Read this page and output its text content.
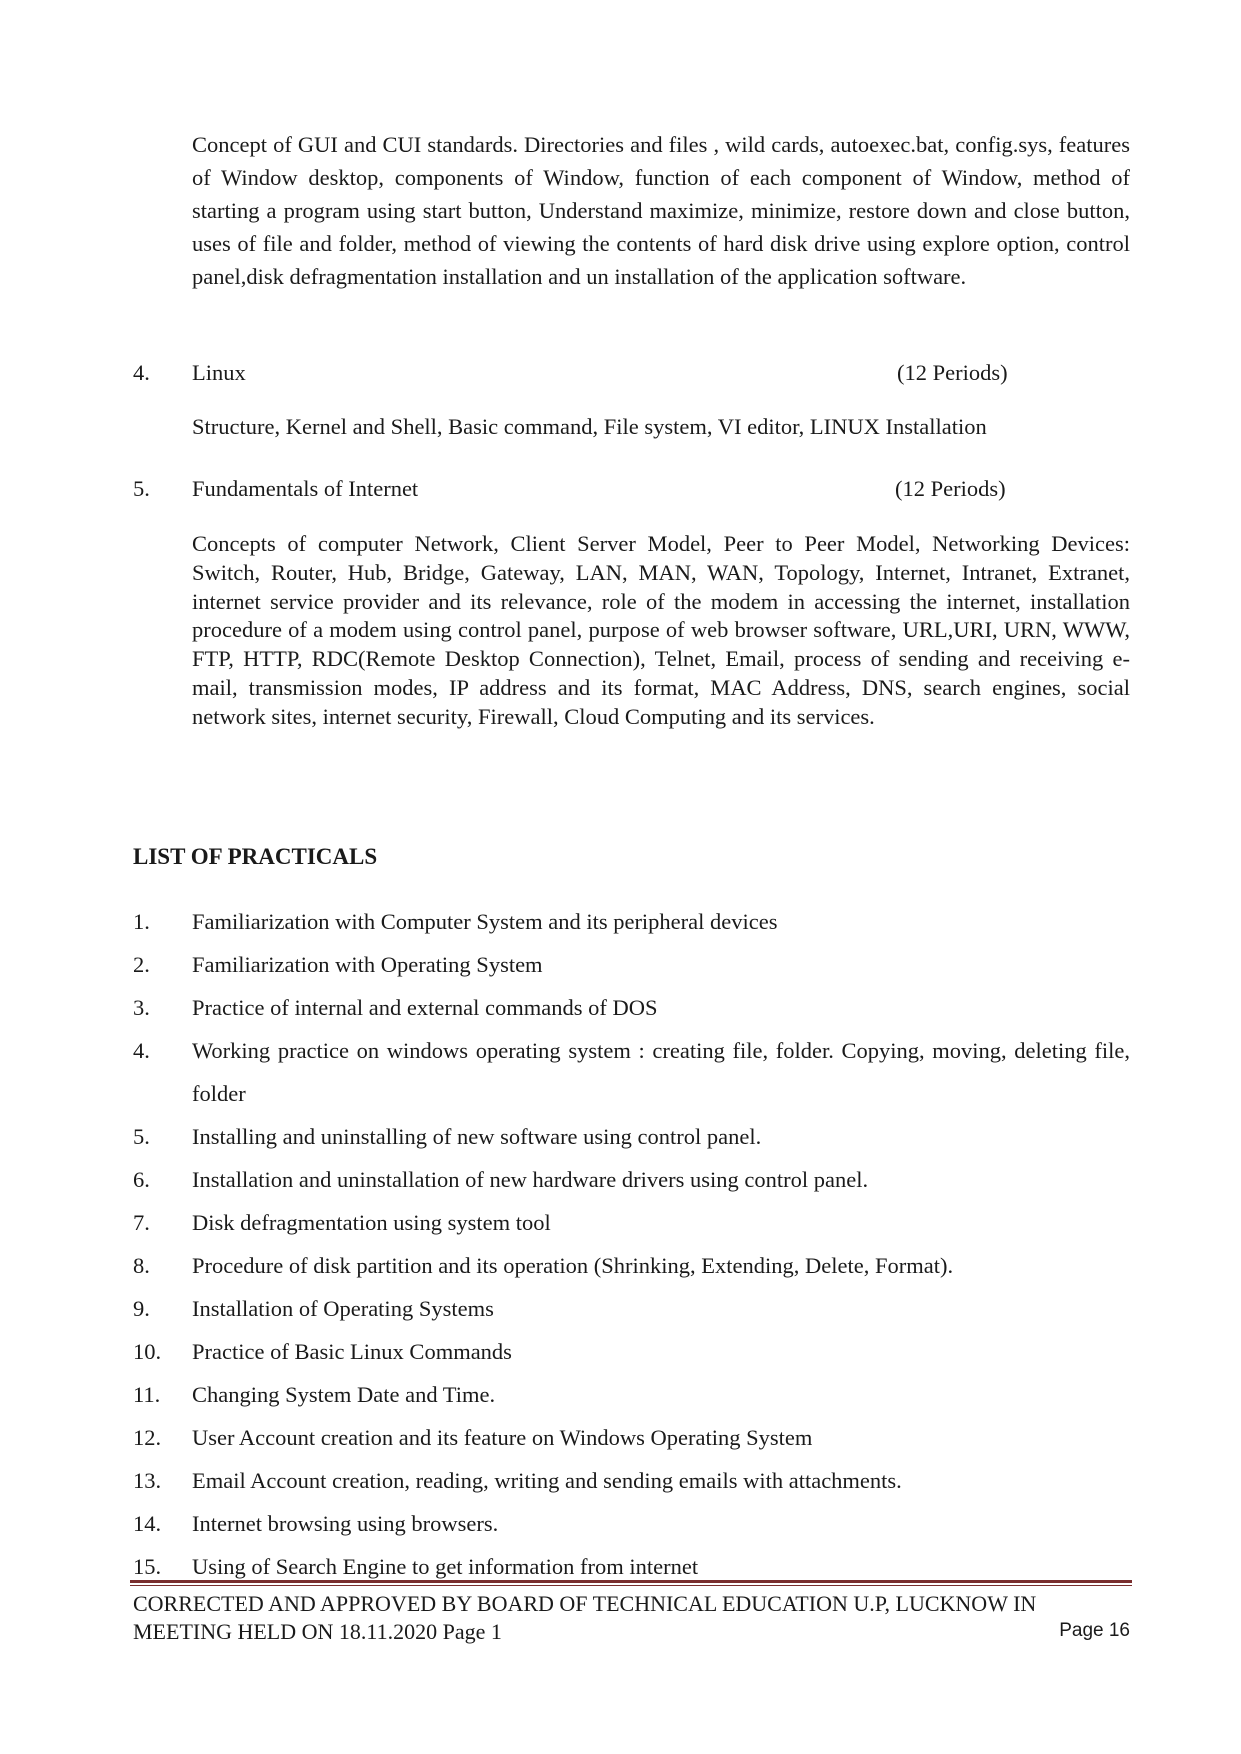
Concept of GUI and CUI standards. Directories and files , wild cards, autoexec.bat, config.sys, features of Window desktop, components of Window, function of each component of Window, method of starting a program using start button, Understand maximize, minimize, restore down and close button, uses of file and folder, method of viewing the contents of hard disk drive using explore option, control panel,disk defragmentation installation and un installation of the application software.

4. Linux	(12 Periods)

Structure, Kernel and Shell, Basic command, File system, VI editor, LINUX Installation

5. Fundamentals of Internet	(12 Periods)

Concepts of computer Network, Client Server Model, Peer to Peer Model, Networking Devices: Switch, Router, Hub, Bridge, Gateway, LAN, MAN, WAN, Topology, Internet, Intranet, Extranet, internet service provider and its relevance, role of the modem in accessing the internet, installation procedure of a modem using control panel, purpose of web browser software, URL,URI, URN, WWW, FTP, HTTP, RDC(Remote Desktop Connection), Telnet, Email, process of sending and receiving e-mail, transmission modes, IP address and its format, MAC Address, DNS, search engines, social network sites, internet security, Firewall, Cloud Computing and its services.

LIST OF PRACTICALS
1. Familiarization with Computer System and its peripheral devices
2. Familiarization with Operating System
3. Practice of internal and external commands of DOS
4. Working practice on windows operating system : creating file, folder. Copying, moving, deleting file, folder
5. Installing and uninstalling of new software using control panel.
6. Installation and uninstallation of new hardware drivers using control panel.
7. Disk defragmentation using system tool
8. Procedure of disk partition and its operation (Shrinking, Extending, Delete, Format).
9. Installation of Operating Systems
10. Practice of Basic Linux Commands
11. Changing System Date and Time.
12. User Account creation and its feature on Windows Operating System
13. Email Account creation, reading, writing and sending emails with attachments.
14. Internet browsing using browsers.
15. Using of Search Engine to get information from internet

CORRECTED AND APPROVED BY BOARD OF TECHNICAL EDUCATION U.P, LUCKNOW IN
MEETING HELD ON 18.11.2020 Page 1	Page 16
